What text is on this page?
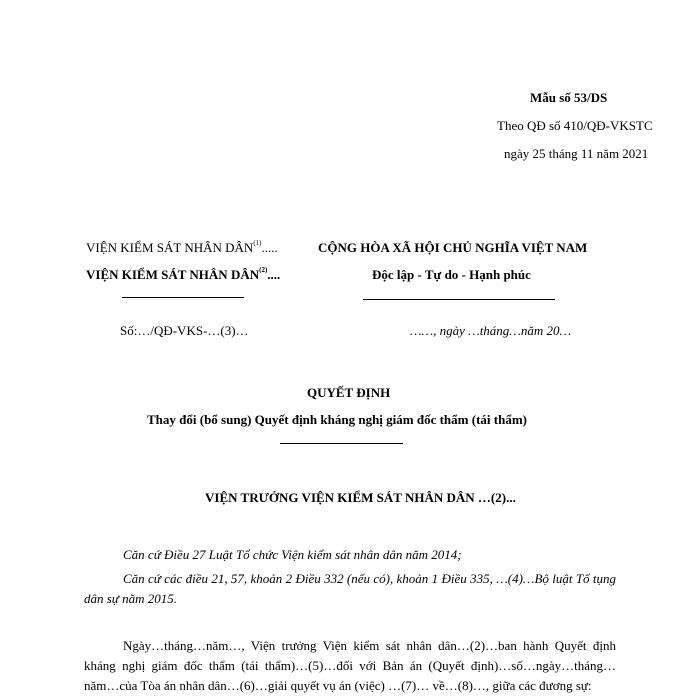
Mẫu số 53/DS
Theo QĐ số 410/QĐ-VKSTC
ngày 25 tháng 11 năm 2021
VIỆN KIỂM SÁT NHÂN DÂN$^{(1)}$.....
VIỆN KIỂM SÁT NHÂN DÂN$^{(2)}$....
CỘNG HÒA XÃ HỘI CHỦ NGHĨA VIỆT NAM
Độc lập - Tự do - Hạnh phúc
Số:…/QĐ-VKS-…(3)…	……, ngày …tháng…năm 20…
QUYẾT ĐỊNH
Thay đổi (bổ sung) Quyết định kháng nghị giám đốc thẩm (tái thẩm)
VIỆN TRƯỞNG VIỆN KIỂM SÁT NHÂN DÂN …(2)...
Căn cứ Điều 27 Luật Tổ chức Viện kiểm sát nhân dân năm 2014;
Căn cứ các điều 21, 57, khoản 2 Điều 332 (nếu có), khoản 1 Điều 335, …(4)…Bộ luật Tố tụng dân sự năm 2015.
Ngày…tháng…năm…, Viện trưởng Viện kiểm sát nhân dân…(2)…ban hành Quyết định kháng nghị giám đốc thẩm (tái thẩm)…(5)…đối với Bản án (Quyết định)…số…ngày…tháng…năm…của Tòa án nhân dân…(6)…giải quyết vụ án (việc) …(7)… về…(8)…, giữa các đương sự:
